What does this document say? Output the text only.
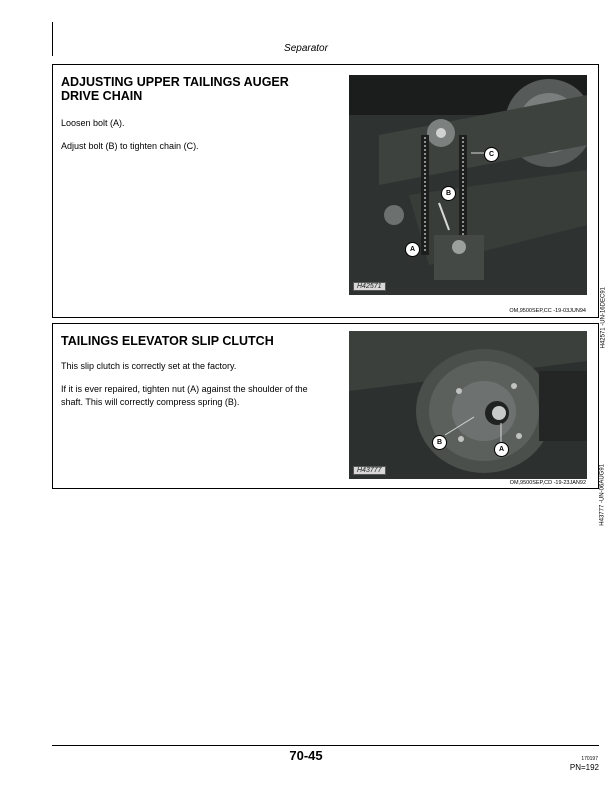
Separator
ADJUSTING UPPER TAILINGS AUGER DRIVE CHAIN
Loosen bolt (A).
Adjust bolt (B) to tighten chain (C).
B
A
C
H42571
H42571 -UN-16DEC91
OM,9500SEP,CC -19-03JUN94
TAILINGS ELEVATOR SLIP CLUTCH
This slip clutch is correctly set at the factory.
If it is ever repaired, tighten nut (A) against the shoulder of the shaft. This will correctly compress spring (B).
B
A
H43777	H43777 -UN-06AUG91
OM,9500SEP,CD -19-23JAN92
70-45	170197
PN=192
